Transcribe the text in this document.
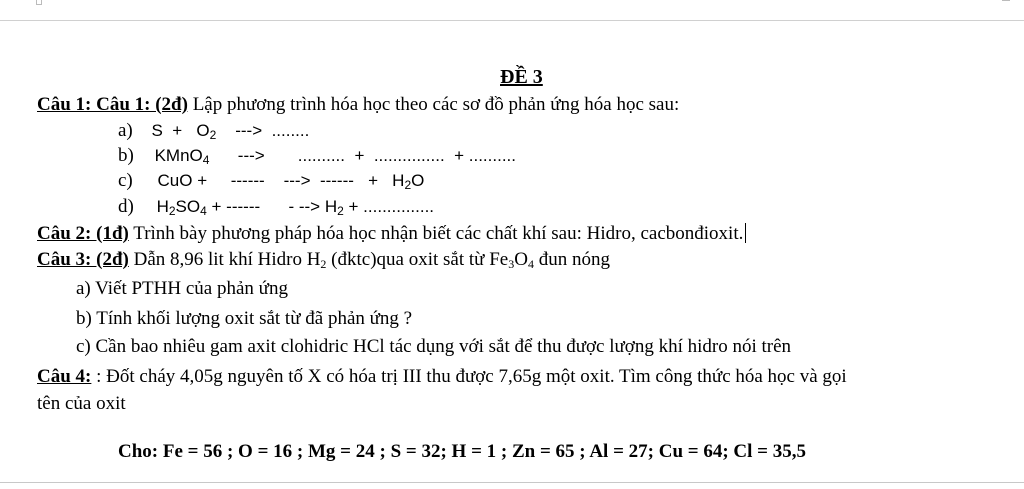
ĐỀ 3
Câu 1: Câu 1: (2đ) Lập phương trình hóa học theo các sơ đồ phản ứng hóa học sau:
a) $S + O_2$    --->  ........
b) KMnO$_4$      --->       ..........  +  ...............  + ..........
c) CuO +     ------    --->  ------   +   $H_2O$
d) $H_2SO_4$ + ------      - --> $H_2$ + ...............
Câu 2: (1đ) Trình bày phương pháp hóa học nhận biết các chất khí sau: Hidro, cacbonđioxit.
Câu 3: (2đ) Dẫn 8,96 lit khí Hidro $H_2$ (đktc)qua oxit sắt từ $Fe_3O_4$ đun nóng
a) Viết PTHH của phản ứng
b) Tính khối lượng oxit sắt từ đã phản ứng ?
c) Cần bao nhiêu gam axit clohidric HCl tác dụng với sắt để thu được lượng khí hidro nói trên
Câu 4: : Đốt cháy 4,05g nguyên tố X có hóa trị III thu được 7,65g một oxit. Tìm công thức hóa học và gọi
tên của oxit
Cho: Fe = 56 ; O = 16 ; Mg = 24 ; S = 32; H = 1 ; Zn = 65 ; Al = 27; Cu = 64; Cl = 35,5
